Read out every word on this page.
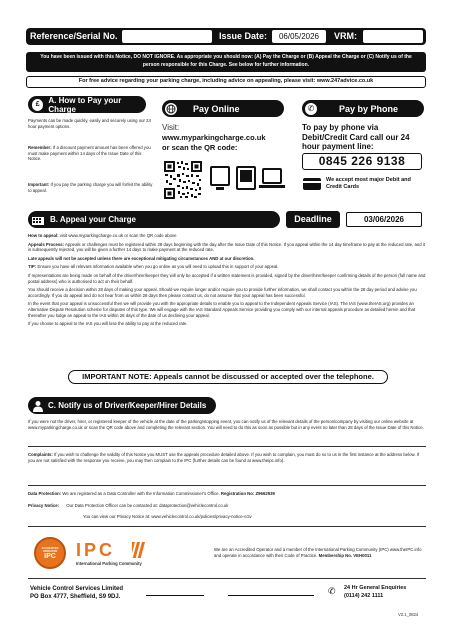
Reference/Serial No.	Issue Date:	06/05/2026	VRM:
You have been issued with this Notice, DO NOT IGNORE. As appropriate you should now: (A) Pay the Charge or (B) Appeal the Charge or (C) Notify us of the person responsible for this Charge. See below for further information.
For free advice regarding your parking charge, including advice on appealing, please visit: www.247advice.co.uk
£	A. How to Pay your Charge
Payments can be made quickly, easily and securely using our 24 hour payment options.
Remember: If a discount payment amount has been offered you must make payment within 14 days of the Issue Date of this Notice.
Important: If you pay the parking charge you will forfeit the ability to appeal.
Pay Online
Visit:
www.myparkingcharge.co.uk
or scan the QR code:
✆	Pay by Phone
To pay by phone via Debit/Credit Card call our 24 hour payment line:
0845 226 9138
We accept most major Debit and Credit Cards
B. Appeal your Charge	Deadline	03/06/2026
How to appeal: visit www.myparkingcharge.co.uk or scan the QR code above
Appeals Process: Appeals or challenges must be registered within 28 days beginning with the day after the Issue Date of this Notice. If you appeal within the 14 day timeframe to pay at the reduced rate, and it is subsequently rejected, you will be given a further 14 days to make payment at the reduced rate.
Late appeals will not be accepted unless there are exceptional mitigating circumstances AND at our discretion.
TIP: Ensure you have all relevant information available when you go online as you will need to upload this in support of your appeal.
If representations are being made on behalf of the driver/hirer/keeper they will only be accepted if a written statement is provided, signed by the driver/hirer/keeper confirming details of the person (full name and postal address) who is authorised to act on their behalf.
You should receive a decision within 28 days of making your appeal. Should we require longer and/or require you to provide further information, we shall contact you within the 28 day period and advise you accordingly. If you do appeal and do not hear from us within 28 days then please contact us, do not assume that your appeal has been successful.
In the event that your appeal is unsuccessful then we will provide you with the appropriate details to enable you to appeal to the Independent Appeals Service (IAS). The IAS (www.theIAS.org) provides an Alternative Dispute Resolution scheme for disputes of this type. We will engage with the IAS Standard Appeals Service providing you comply with our internal appeals procedure as detailed herein and that thereafter you lodge an appeal to the IAS within 28 days of the date of us declining your appeal.
If you choose to appeal to the IAS you will lose the ability to pay at the reduced rate.
IMPORTANT NOTE: Appeals cannot be discussed or accepted over the telephone.
C. Notify us of Driver/Keeper/Hirer Details
If you were not the driver, hirer, or registered keeper of the vehicle at the date of the parking/stopping event, you can notify us of the relevant details of the person/company by visiting our online website at www.myparkingcharge.co.uk or scan the QR code above and completing the relevant section. You will need to do this as soon as possible but in any event no later than 28 days of the Issue Date of this Notice.
Complaints: If you wish to challenge the validity of this Notice you MUST use the appeals procedure detailed above. If you wish to complain, you must do so to us in the first instance at the address below. If you are not satisfied with the response you receive, you may then complain to the IPC (further details can be found at www.theipc.info).
Data Protection: We are registered as a Data Controller with the Information Commissioner's Office. Registration No: Z9662939
Privacy Notice: Our Data Protection Officer can be contacted at: dataprotection@vehiclecontrol.co.uk
You can view our Privacy Notice at: www.vehiclecontrol.co.uk/policies/privacy-notice-cctv
ACCREDITED OPERATOR
IPC IPC
International Parking Community
We are an Accredited Operator and a member of the International Parking Community (IPC) www.theIPC.info and operate in accordance with their Code of Practice. Membership No. VEH0011
Vehicle Control Services Limited
PO Box 4777, Sheffield, S9 9DJ.
✆	24 Hr General Enquiries
(0114) 242 1111
V2.1_0824
